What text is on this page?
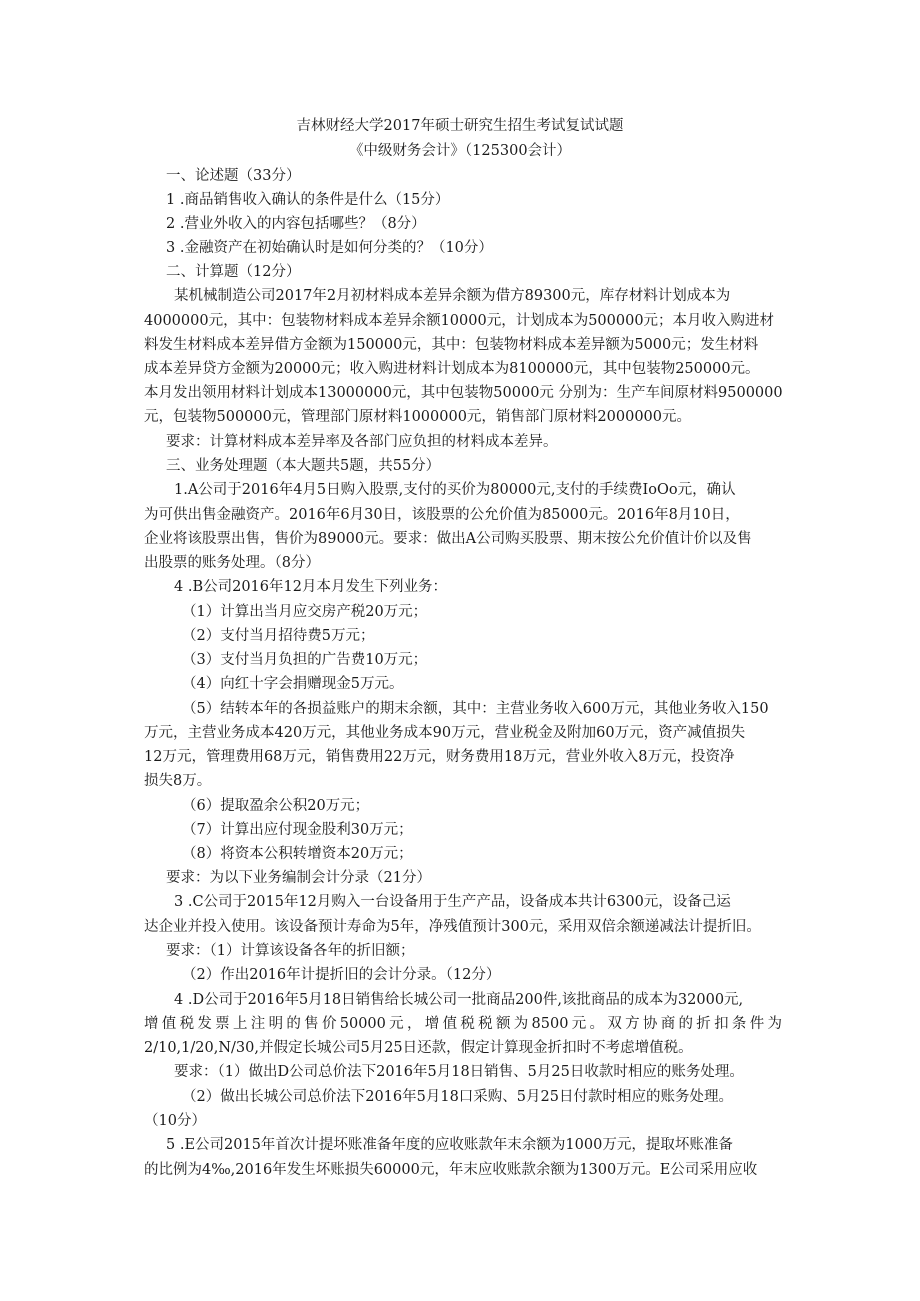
吉林财经大学2017年硕士研究生招生考试复试试题
《中级财务会计》（125300会计）
一、论述题（33分）
1 .商品销售收入确认的条件是什么（15分）
2 .营业外收入的内容包括哪些？（8分）
3 .金融资产在初始确认时是如何分类的？（10分）
二、计算题（12分）
某机械制造公司2017年2月初材料成本差异余额为借方89300元，库存材料计划成本为
4000000元，其中：包装物材料成本差异余额10000元，计划成本为500000元；本月收入购进材
料发生材料成本差异借方金额为150000元，其中：包装物材料成本差异额为5000元；发生材料
成本差异贷方金额为20000元；收入购进材料计划成本为8100000元，其中包装物250000元。
本月发出领用材料计划成本13000000元，其中包装物50000元 分别为：生产车间原材料9500000
元，包装物500000元，管理部门原材料1000000元，销售部门原材料2000000元。
要求：计算材料成本差异率及各部门应负担的材料成本差异。
三、业务处理题（本大题共5题，共55分）
1.A公司于2016年4月5日购入股票,支付的买价为80000元,支付的手续费IoOo元，确认
为可供出售金融资产。2016年6月30日，该股票的公允价值为85000元。2016年8月10日，
企业将该股票出售，售价为89000元。要求：做出A公司购买股票、期末按公允价值计价以及售
出股票的账务处理。（8分）
4 .B公司2016年12月本月发生下列业务：
（1）计算出当月应交房产税20万元；
（2）支付当月招待费5万元；
（3）支付当月负担的广告费10万元；
（4）向红十字会捐赠现金5万元。
（5）结转本年的各损益账户的期末余额，其中：主营业务收入600万元，其他业务收入150
万元，主营业务成本420万元，其他业务成本90万元，营业税金及附加60万元，资产减值损失
12万元，管理费用68万元，销售费用22万元，财务费用18万元，营业外收入8万元，投资净
损失8万。
（6）提取盈余公积20万元；
（7）计算出应付现金股利30万元；
（8）将资本公积转增资本20万元；
要求：为以下业务编制会计分录（21分）
3 .C公司于2015年12月购入一台设备用于生产产品，设备成本共计6300元，设备己运
达企业并投入使用。该设备预计寿命为5年，净残值预计300元，采用双倍余额递减法计提折旧。
要求：（1）计算该设备各年的折旧额；
（2）作出2016年计提折旧的会计分录。（12分）
4 .D公司于2016年5月18日销售给长城公司一批商品200件,该批商品的成本为32000元,
增值税发票上注明的售价50000元，增值税税额为8500元。双方协商的折扣条件为
2/10,1/20,N/30,并假定长城公司5月25日还款，假定计算现金折扣时不考虑增值税。
要求：（1）做出D公司总价法下2016年5月18日销售、5月25日收款时相应的账务处理。
（2）做出长城公司总价法下2016年5月18口采购、5月25日付款时相应的账务处理。
（10分）
5 .E公司2015年首次计提坏账准备年度的应收账款年末余额为1000万元，提取坏账准备
的比例为4‰,2016年发生坏账损失60000元，年末应收账款余额为1300万元。E公司采用应收
